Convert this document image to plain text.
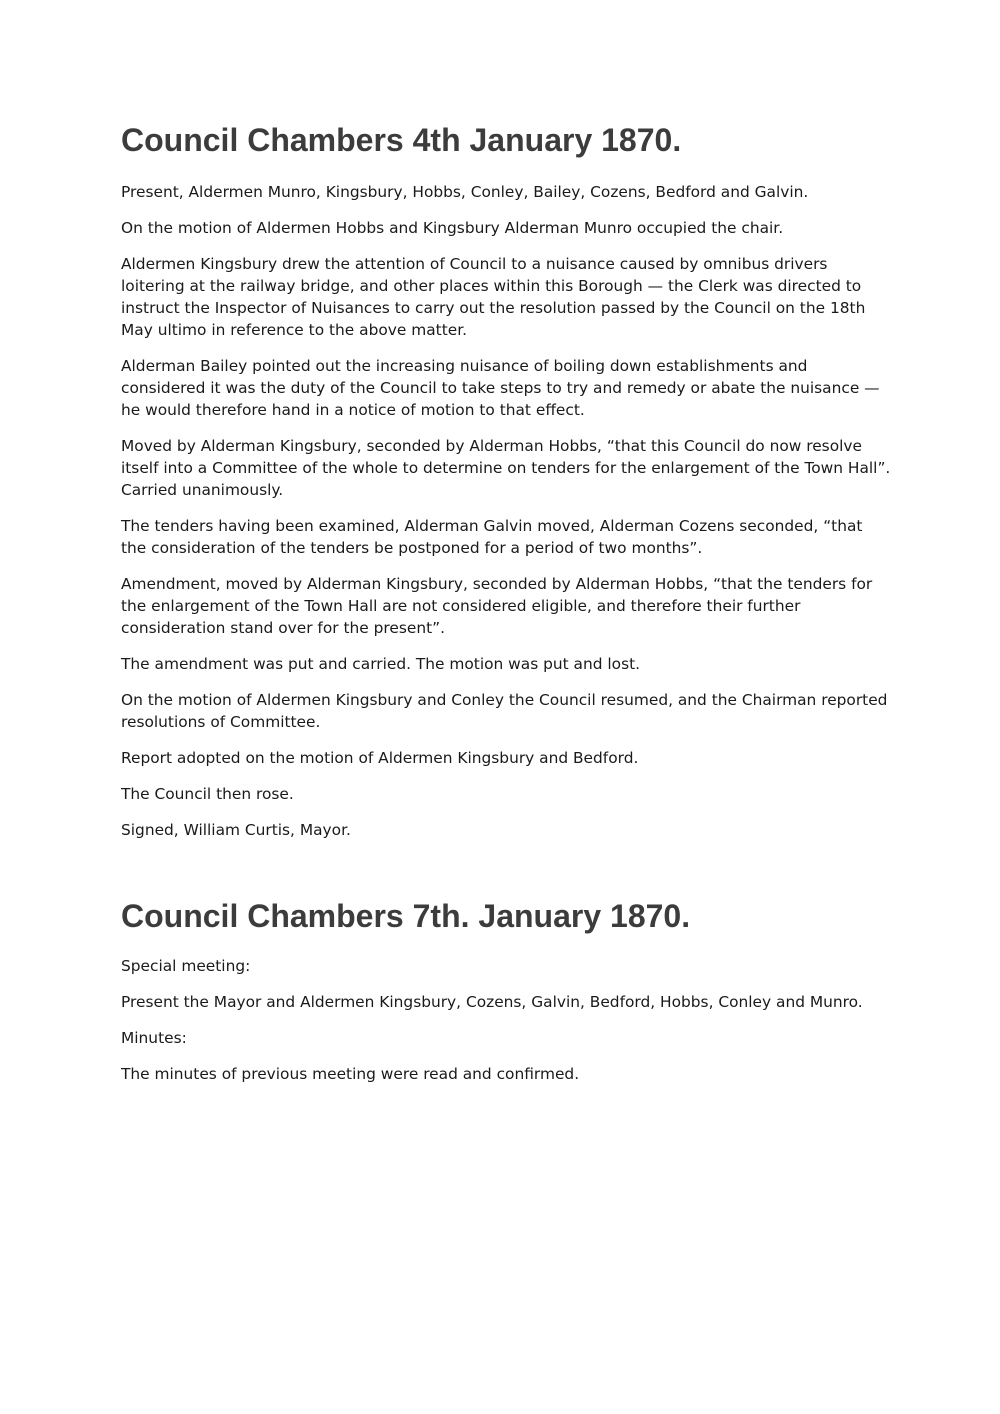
Council Chambers 4th January 1870.

Present, Aldermen Munro, Kingsbury, Hobbs, Conley, Bailey, Cozens, Bedford and Galvin.

On the motion of Aldermen Hobbs and Kingsbury Alderman Munro occupied the chair.

Aldermen Kingsbury drew the attention of Council to a nuisance caused by omnibus drivers loitering at the railway bridge, and other places within this Borough — the Clerk was directed to instruct the Inspector of Nuisances to carry out the resolution passed by the Council on the 18th May ultimo in reference to the above matter.

Alderman Bailey pointed out the increasing nuisance of boiling down establishments and considered it was the duty of the Council to take steps to try and remedy or abate the nuisance — he would therefore hand in a notice of motion to that effect.

Moved by Alderman Kingsbury, seconded by Alderman Hobbs, “that this Council do now resolve itself into a Committee of the whole to determine on tenders for the enlargement of the Town Hall”. Carried unanimously.

The tenders having been examined, Alderman Galvin moved, Alderman Cozens seconded, “that the consideration of the tenders be postponed for a period of two months”.

Amendment, moved by Alderman Kingsbury, seconded by Alderman Hobbs, “that the tenders for the enlargement of the Town Hall are not considered eligible, and therefore their further consideration stand over for the present”.

The amendment was put and carried. The motion was put and lost.

On the motion of Aldermen Kingsbury and Conley the Council resumed, and the Chairman reported resolutions of Committee.

Report adopted on the motion of Aldermen Kingsbury and Bedford.

The Council then rose.

Signed, William Curtis, Mayor.

Council Chambers 7th. January 1870.

Special meeting:

Present the Mayor and Aldermen Kingsbury, Cozens, Galvin, Bedford, Hobbs, Conley and Munro.

Minutes:

The minutes of previous meeting were read and confirmed.
